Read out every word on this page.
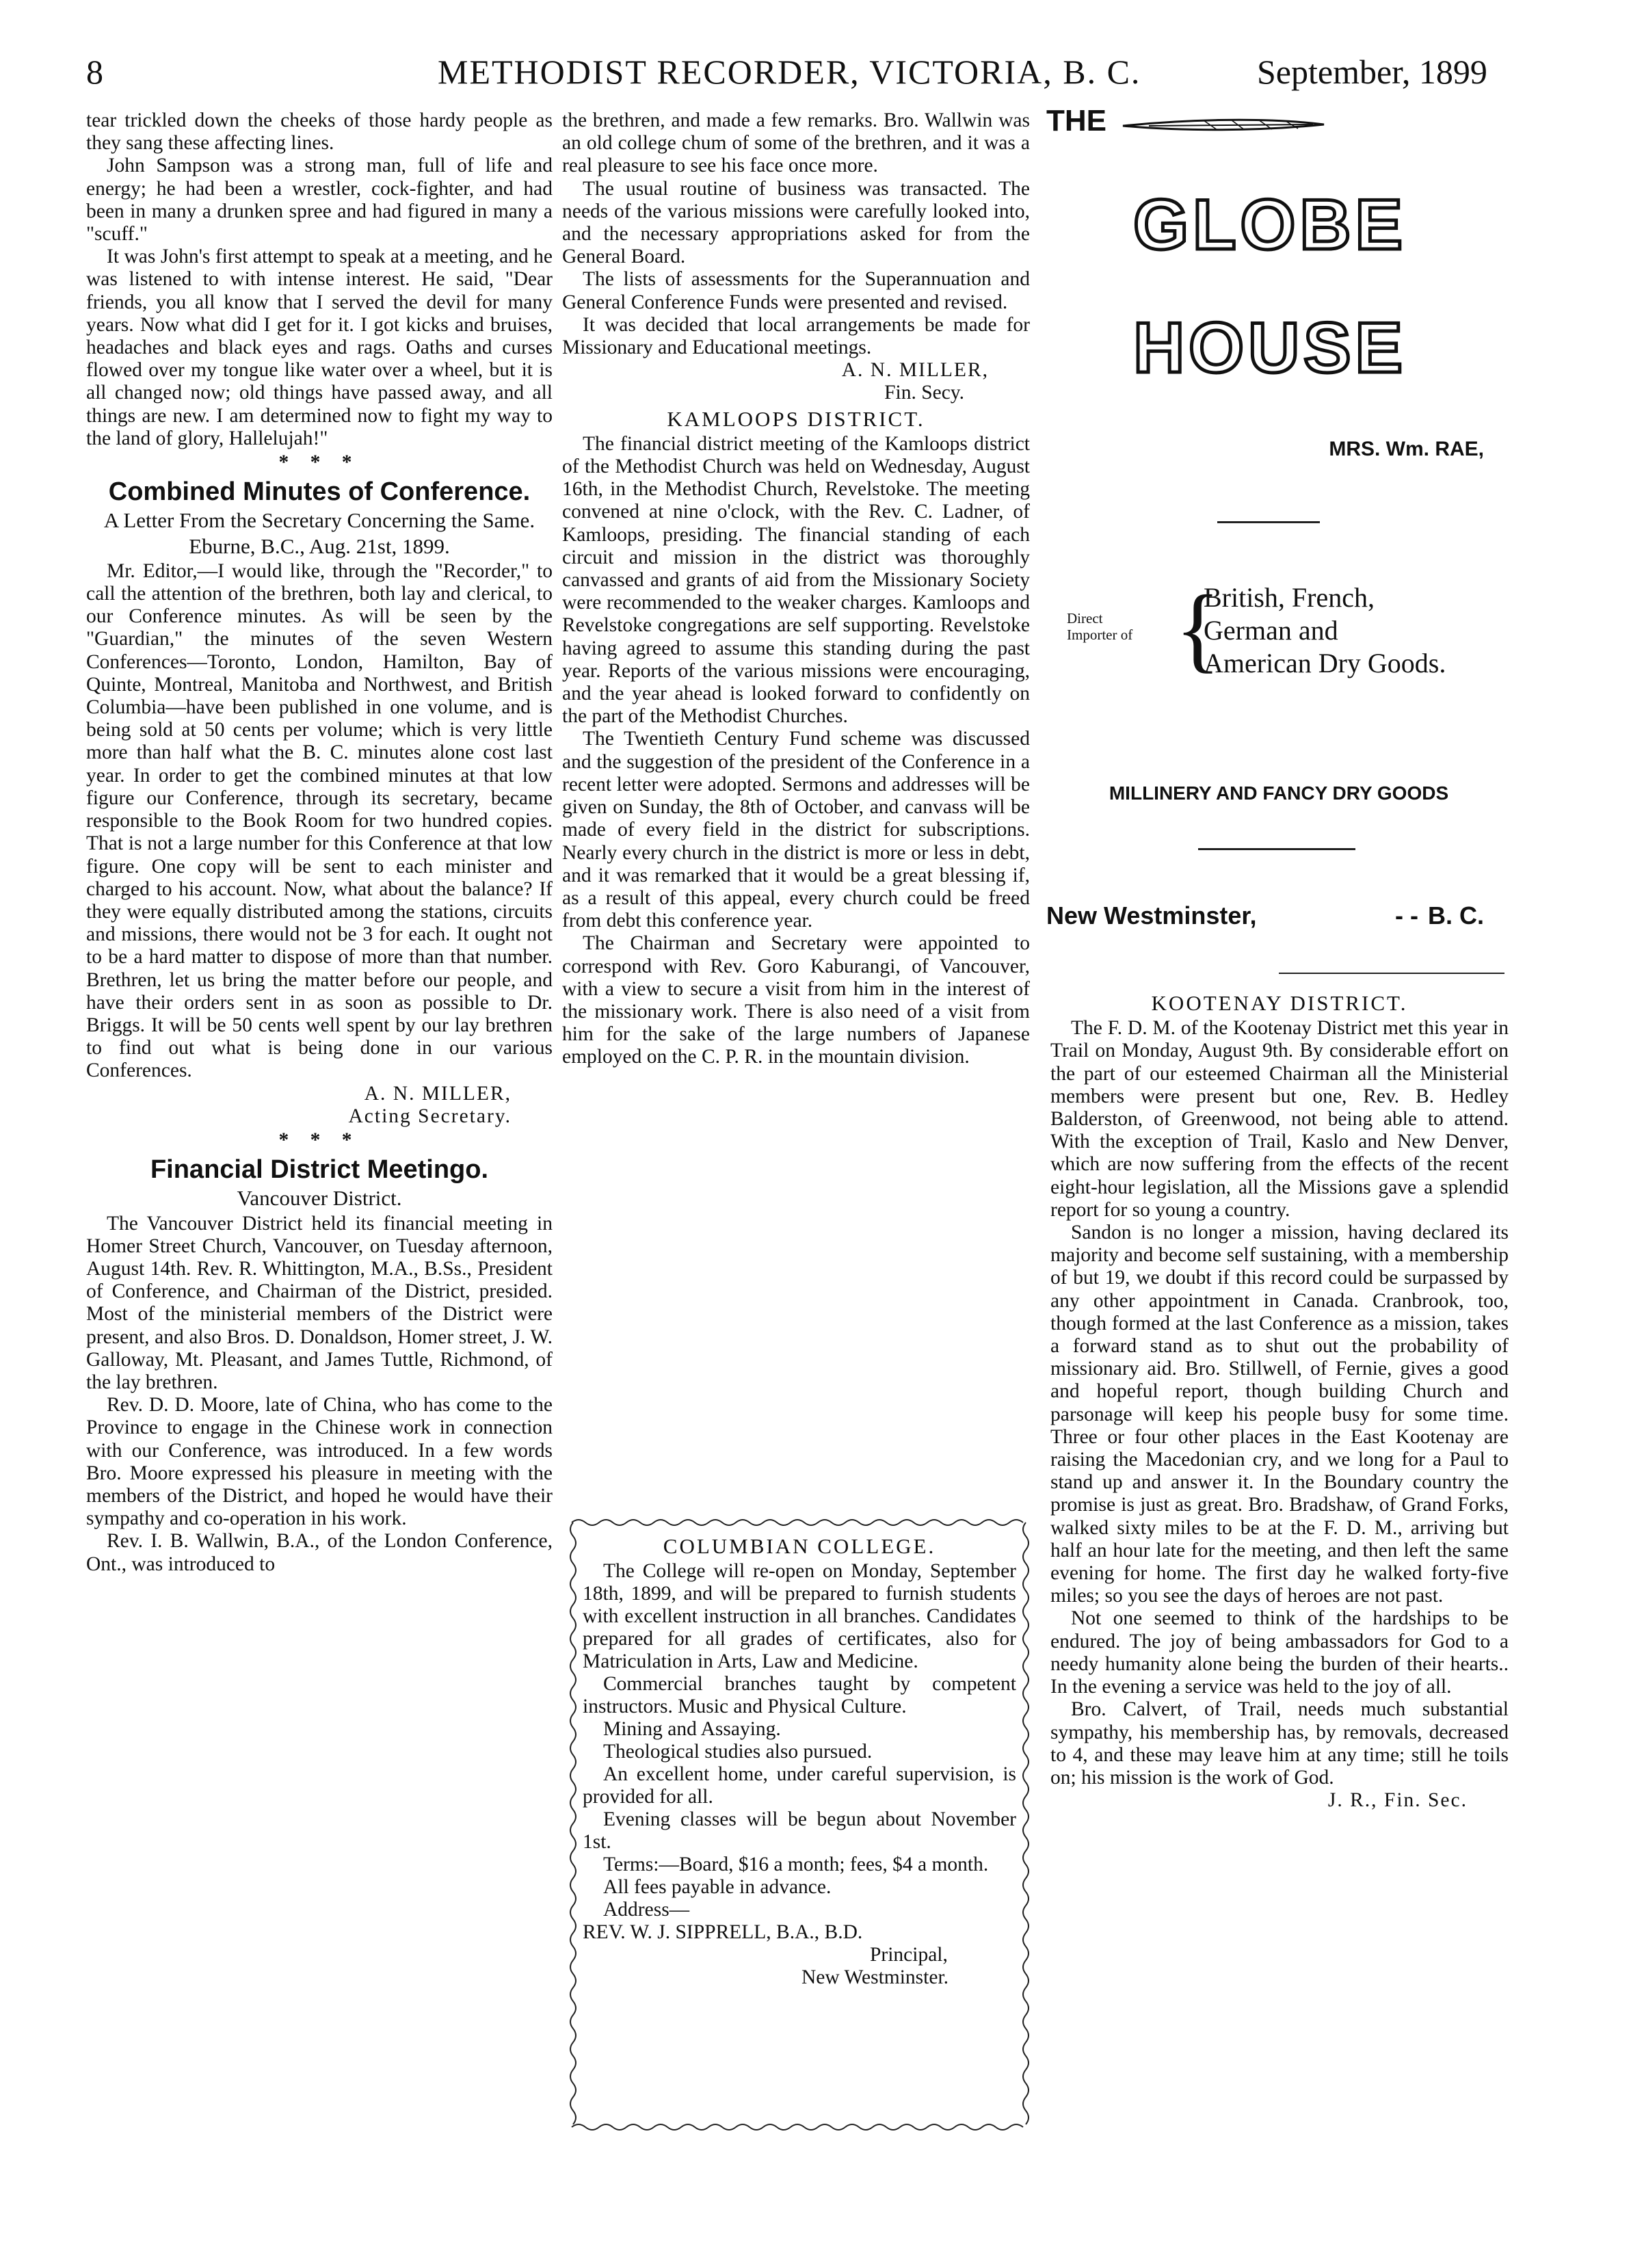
8	METHODIST RECORDER, VICTORIA, B. C.	September, 1899

tear trickled down the cheeks of those hardy people as they sang these affecting lines.

John Sampson was a strong man, full of life and energy; he had been a wrestler, cock-fighter, and had been in many a drunken spree and had figured in many a "scuff."

It was John's first attempt to speak at a meeting, and he was listened to with intense interest. He said, "Dear friends, you all know that I served the devil for many years. Now what did I get for it. I got kicks and bruises, headaches and black eyes and rags. Oaths and curses flowed over my tongue like water over a wheel, but it is all changed now; old things have passed away, and all things are new. I am determined now to fight my way to the land of glory, Hallelujah!"

* * *
Combined Minutes of Conference.
A Letter From the Secretary Concerning the Same.
Eburne, B.C., Aug. 21st, 1899.

Mr. Editor,—I would like, through the "Recorder," to call the attention of the brethren, both lay and clerical, to our Conference minutes. As will be seen by the "Guardian," the minutes of the seven Western Conferences—Toronto, London, Hamilton, Bay of Quinte, Montreal, Manitoba and Northwest, and British Columbia—have been published in one volume, and is being sold at 50 cents per volume; which is very little more than half what the B. C. minutes alone cost last year. In order to get the combined minutes at that low figure our Conference, through its secretary, became responsible to the Book Room for two hundred copies. That is not a large number for this Conference at that low figure. One copy will be sent to each minister and charged to his account. Now, what about the balance? If they were equally distributed among the stations, circuits and missions, there would not be 3 for each. It ought not to be a hard matter to dispose of more than that number. Brethren, let us bring the matter before our people, and have their orders sent in as soon as possible to Dr. Briggs. It will be 50 cents well spent by our lay brethren to find out what is being done in our various Conferences.

A. N. MILLER,
Acting Secretary.
* * *
Financial District Meetingo.
Vancouver District.

The Vancouver District held its financial meeting in Homer Street Church, Vancouver, on Tuesday afternoon, August 14th. Rev. R. Whittington, M.A., B.Ss., President of Conference, and Chairman of the District, presided. Most of the ministerial members of the District were present, and also Bros. D. Donaldson, Homer street, J. W. Galloway, Mt. Pleasant, and James Tuttle, Richmond, of the lay brethren.

Rev. D. D. Moore, late of China, who has come to the Province to engage in the Chinese work in connection with our Conference, was introduced. In a few words Bro. Moore expressed his pleasure in meeting with the members of the District, and hoped he would have their sympathy and co-operation in his work.

Rev. I. B. Wallwin, B.A., of the London Conference, Ont., was introduced to

the brethren, and made a few remarks. Bro. Wallwin was an old college chum of some of the brethren, and it was a real pleasure to see his face once more.

The usual routine of business was transacted. The needs of the various missions were carefully looked into, and the necessary appropriations asked for from the General Board.

The lists of assessments for the Superannuation and General Conference Funds were presented and revised.

It was decided that local arrangements be made for Missionary and Educational meetings.

A. N. MILLER,
Fin. Secy.
KAMLOOPS DISTRICT.

The financial district meeting of the Kamloops district of the Methodist Church was held on Wednesday, August 16th, in the Methodist Church, Revelstoke. The meeting convened at nine o'clock, with the Rev. C. Ladner, of Kamloops, presiding. The financial standing of each circuit and mission in the district was thoroughly canvassed and grants of aid from the Missionary Society were recommended to the weaker charges. Kamloops and Revelstoke congregations are self supporting. Revelstoke having agreed to assume this standing during the past year. Reports of the various missions were encouraging, and the year ahead is looked forward to confidently on the part of the Methodist Churches.

The Twentieth Century Fund scheme was discussed and the suggestion of the president of the Conference in a recent letter were adopted. Sermons and addresses will be given on Sunday, the 8th of October, and canvass will be made of every field in the district for subscriptions. Nearly every church in the district is more or less in debt, and it was remarked that it would be a great blessing if, as a result of this appeal, every church could be freed from debt this conference year.

The Chairman and Secretary were appointed to correspond with Rev. Goro Kaburangi, of Vancouver, with a view to secure a visit from him in the interest of the missionary work. There is also need of a visit from him for the sake of the large numbers of Japanese employed on the C. P. R. in the mountain division.

COLUMBIAN COLLEGE.

The College will re-open on Monday, September 18th, 1899, and will be prepared to furnish students with excellent instruction in all branches. Candidates prepared for all grades of certificates, also for Matriculation in Arts, Law and Medicine.

Commercial branches taught by competent instructors. Music and Physical Culture.

Mining and Assaying.

Theological studies also pursued.

An excellent home, under careful supervision, is provided for all.

Evening classes will be begun about November 1st.

Terms:—Board, $16 a month; fees, $4 a month.

All fees payable in advance.

Address—

REV. W. J. SIPPRELL, B.A., B.D.
Principal,
New Westminster.
THE
GLOBE
HOUSE
MRS. Wm. RAE,
Direct
Importer of {
British, French,
German and
American Dry Goods.
MILLINERY AND FANCY DRY GOODS
New Westminster,	- - B. C.
KOOTENAY DISTRICT.

The F. D. M. of the Kootenay District met this year in Trail on Monday, August 9th. By considerable effort on the part of our esteemed Chairman all the Ministerial members were present but one, Rev. B. Hedley Balderston, of Greenwood, not being able to attend. With the exception of Trail, Kaslo and New Denver, which are now suffering from the effects of the recent eight-hour legislation, all the Missions gave a splendid report for so young a country.

Sandon is no longer a mission, having declared its majority and become self sustaining, with a membership of but 19, we doubt if this record could be surpassed by any other appointment in Canada. Cranbrook, too, though formed at the last Conference as a mission, takes a forward stand as to shut out the probability of missionary aid. Bro. Stillwell, of Fernie, gives a good and hopeful report, though building Church and parsonage will keep his people busy for some time. Three or four other places in the East Kootenay are raising the Macedonian cry, and we long for a Paul to stand up and answer it. In the Boundary country the promise is just as great. Bro. Bradshaw, of Grand Forks, walked sixty miles to be at the F. D. M., arriving but half an hour late for the meeting, and then left the same evening for home. The first day he walked forty-five miles; so you see the days of heroes are not past.

Not one seemed to think of the hardships to be endured. The joy of being ambassadors for God to a needy humanity alone being the burden of their hearts.. In the evening a service was held to the joy of all.

Bro. Calvert, of Trail, needs much substantial sympathy, his membership has, by removals, decreased to 4, and these may leave him at any time; still he toils on; his mission is the work of God.

J. R., Fin. Sec.
